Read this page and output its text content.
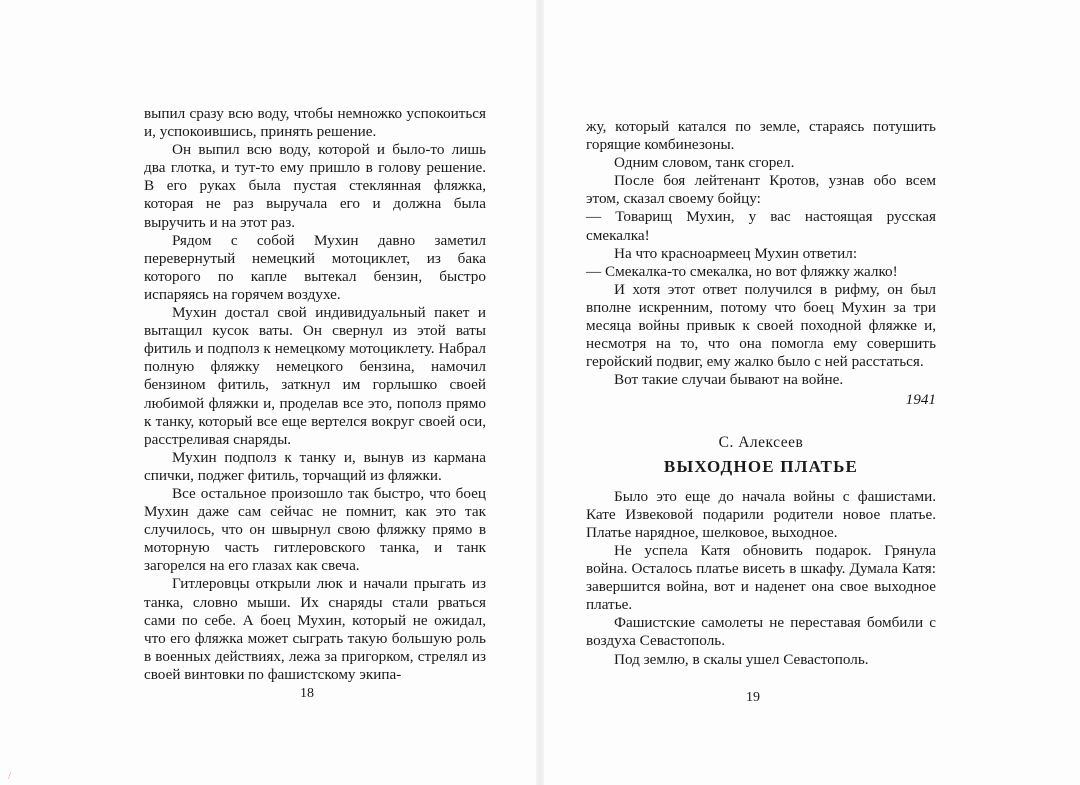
выпил сразу всю воду, чтобы немножко успокоиться и, успокоившись, принять решение.

Он выпил всю воду, которой и было-то лишь два глотка, и тут-то ему пришло в голову решение. В его руках была пустая стеклянная фляжка, которая не раз выручала его и должна была выручить и на этот раз.

Рядом с собой Мухин давно заметил перевернутый немецкий мотоциклет, из бака которого по капле вытекал бензин, быстро испаряясь на горячем воздухе.

Мухин достал свой индивидуальный пакет и вытащил кусок ваты. Он свернул из этой ваты фитиль и подполз к немецкому мотоциклету. Набрал полную фляжку немецкого бензина, намочил бензином фитиль, заткнул им горлышко своей любимой фляжки и, проделав все это, пополз прямо к танку, который все еще вертелся вокруг своей оси, расстреливая снаряды.

Мухин подполз к танку и, вынув из кармана спички, поджег фитиль, торчащий из фляжки.

Все остальное произошло так быстро, что боец Мухин даже сам сейчас не помнит, как это так случилось, что он швырнул свою фляжку прямо в моторную часть гитлеровского танка, и танк загорелся на его глазах как свеча.

Гитлеровцы открыли люк и начали прыгать из танка, словно мыши. Их снаряды стали рваться сами по себе. А боец Мухин, который не ожидал, что его фляжка может сыграть такую большую роль в военных действиях, лежа за пригорком, стрелял из своей винтовки по фашистскому экипа-

18

жу, который катался по земле, стараясь потушить горящие комбинезоны.

Одним словом, танк сгорел.

После боя лейтенант Кротов, узнав обо всем этом, сказал своему бойцу:

— Товарищ Мухин, у вас настоящая русская смекалка!

На что красноармеец Мухин ответил:

— Смекалка-то смекалка, но вот фляжку жалко!

И хотя этот ответ получился в рифму, он был вполне искренним, потому что боец Мухин за три месяца войны привык к своей походной фляжке и, несмотря на то, что она помогла ему совершить геройский подвиг, ему жалко было с ней расстаться.

Вот такие случаи бывают на войне.

1941
С. Алексеев
ВЫХОДНОЕ ПЛАТЬЕ

Было это еще до начала войны с фашистами. Кате Извековой подарили родители новое платье. Платье нарядное, шелковое, выходное.

Не успела Катя обновить подарок. Грянула война. Осталось платье висеть в шкафу. Думала Катя: завершится война, вот и наденет она свое выходное платье.

Фашистские самолеты не переставая бомбили с воздуха Севастополь.

Под землю, в скалы ушел Севастополь.

19
/
